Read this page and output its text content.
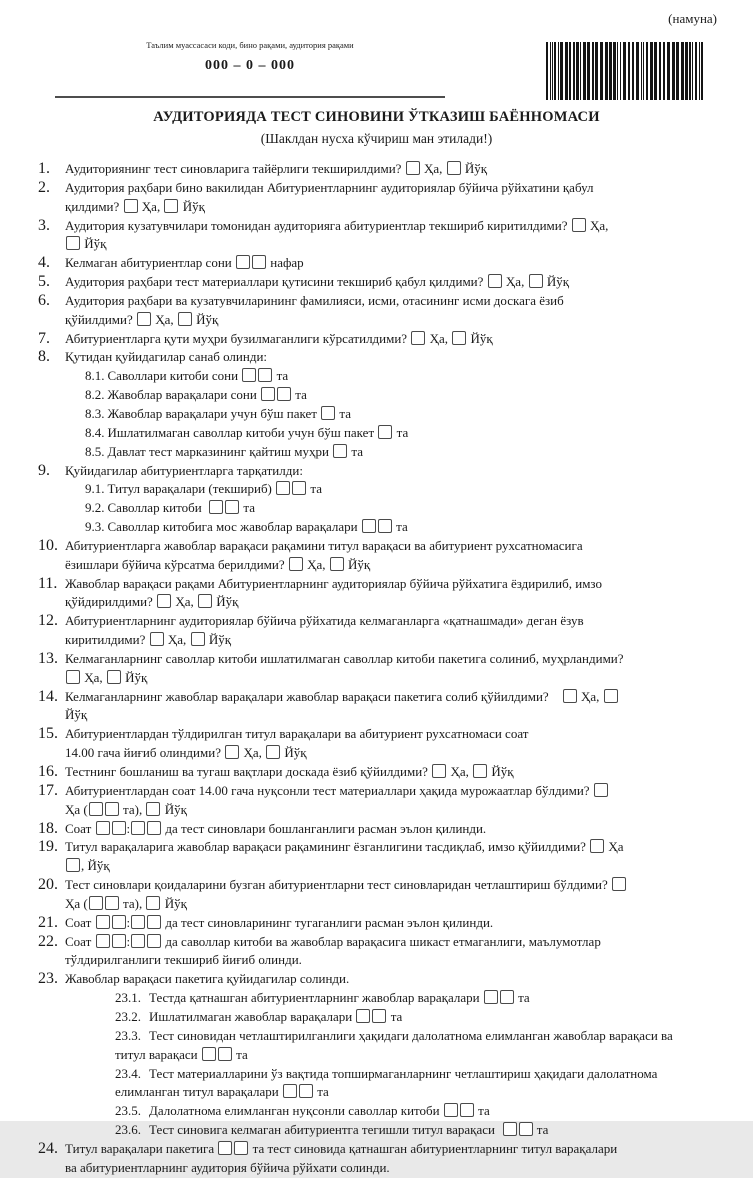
(намуна)
Таълим муассасаси коди, бино рақами, аудитория рақами
000 – 0 – 000
АУДИТОРИЯДА ТЕСТ СИНОВИНИ ЎТКАЗИШ БАЁННОМАСИ
(Шаклдан нусха кўчириш ман этилади!)
1. Аудиториянинг тест синовларига тайёрлиги текширилдими?  Ҳа,  Йўқ
2. Аудитория раҳбари бино вакилидан Абитуриентларнинг аудиториялар бўйича рўйхатини қабул
қилдими?  Ҳа,  Йўқ
3. Аудитория кузатувчилари томонидан аудиторияга абитуриентлар текшириб киритилдими?  Ҳа,
Йўқ
4. Келмаган абитуриентлар сони  нафар
5. Аудитория раҳбари тест материаллари қутисини текшириб қабул қилдими?  Ҳа,  Йўқ
6. Аудитория раҳбари ва кузатувчиларининг фамилияси, исми, отасининг исми доскага ёзиб
қўйилдими?  Ҳа,  Йўқ
7. Абитуриентларга қути муҳри бузилмаганлиги кўрсатилдими?  Ҳа,  Йўқ
8. Қутидан қуйидагилар санаб олинди:
8.1. Саволлари китоби сони  та
8.2. Жавоблар варақалари сони  та
8.3. Жавоблар варақалари учун бўш пакет  та
8.4. Ишлатилмаган саволлар китоби учун бўш пакет  та
8.5. Давлат тест марказининг қайтиш муҳри  та
9. Қуйидагилар абитуриентларга тарқатилди:
9.1. Титул варақалари (текшириб)  та
9.2. Саволлар китоби   та
9.3. Саволлар китобига мос жавоблар варақалари  та
10. Абитуриентларга жавоблар варақаси рақамини титул варақаси ва абитуриент рухсатномасига
ёзишлари бўйича кўрсатма берилдими?  Ҳа,  Йўқ
11. Жавоблар варақаси рақами Абитуриентларнинг аудиториялар бўйича рўйхатига ёздирилиб, имзо
қўйдирилдими?  Ҳа,  Йўқ
12. Абитуриентларнинг аудиториялар бўйича рўйхатида келмаганларга «қатнашмади» деган ёзув
киритилдими?  Ҳа,  Йўқ
13. Келмаганларнинг саволлар китоби ишлатилмаган саволлар китоби пакетига солиниб, муҳрландими?
Ҳа,  Йўқ
14. Келмаганларнинг жавоблар варақалари жавоблар варақаси пакетига солиб қўйилдими?     Ҳа,
Йўқ
15. Абитуриентлардан тўлдирилган титул варақалари ва абитуриент рухсатномаси соат
14.00 гача йиғиб олиндими?  Ҳа,  Йўқ
16. Тестнинг бошланиш ва тугаш вақтлари доскада ёзиб қўйилдими?  Ҳа,  Йўқ
17. Абитуриентлардан соат 14.00 гача нуқсонли тест материаллари ҳақида мурожаатлар бўлдими?
Ҳа ( та),  Йўқ
18. Соат : да тест синовлари бошланганлиги расман эълон қилинди.
19. Титул варақаларига жавоблар варақаси рақамининг ёзганлигини тасдиқлаб, имзо қўйилдими?  Ҳа
, Йўқ
20. Тест синовлари қоидаларини бузган абитуриентларни тест синовларидан четлаштириш бўлдими?
Ҳа ( та),  Йўқ
21. Соат : да тест синовларининг тугаганлиги расман эълон қилинди.
22. Соат : да саволлар китоби ва жавоблар варақасига шикаст етмаганлиги, маълумотлар
тўлдирилганлиги текшириб йиғиб олинди.
23. Жавоблар варақаси пакетига қуйидагилар солинди.
23.1. Тестда қатнашган абитуриентларнинг жавоблар варақалари  та
23.2. Ишлатилмаган жавоблар варақалари  та
23.3. Тест синовидан четлаштирилганлиги ҳақидаги далолатнома елимланган жавоблар варақаси ва
титул варақаси  та
23.4. Тест материалларини ўз вақтида топширмаганларнинг четлаштириш ҳақидаги далолатнома
елимланган титул варақалари  та
23.5. Далолатнома елимланган нуқсонли саволлар китоби  та
23.6. Тест синовига келмаган абитуриентга тегишли титул варақаси   та
24. Титул варақалари пакетига  та тест синовида қатнашган абитуриентларнинг титул варақалари
ва абитуриентларнинг аудитория бўйича рўйхати солинди.
